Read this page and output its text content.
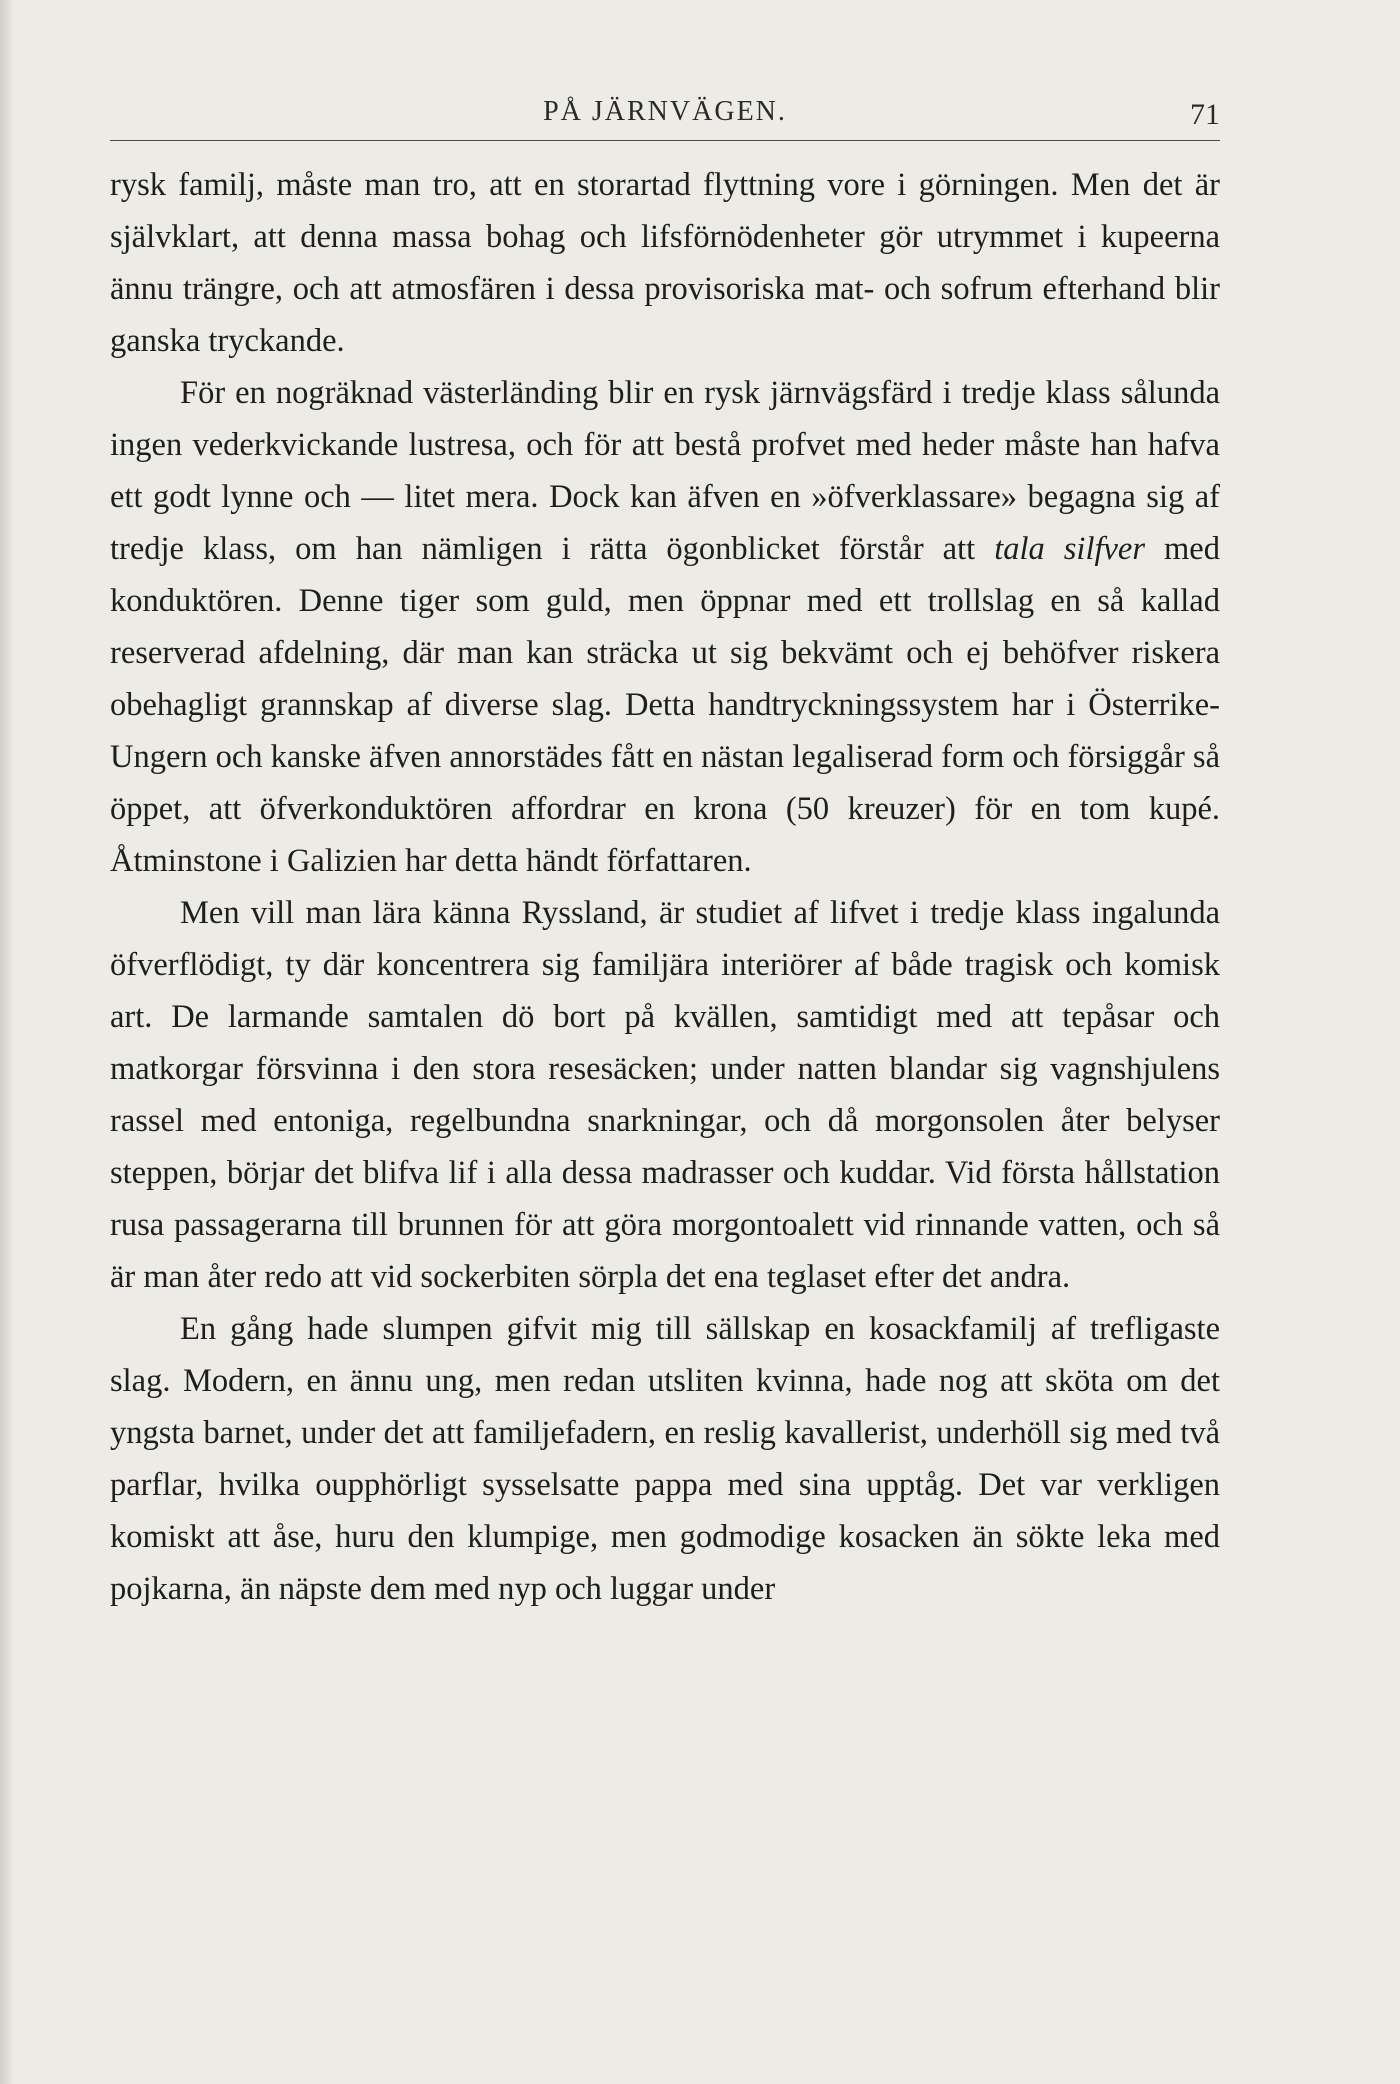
PÅ JÄRNVÄGEN.	71

rysk familj, måste man tro, att en storartad flyttning vore i görningen. Men det är självklart, att denna massa bohag och lifsförnödenheter gör utrymmet i kupeerna ännu trängre, och att atmosfären i dessa provisoriska mat- och sofrum efterhand blir ganska tryckande.

För en nogräknad västerländing blir en rysk järnvägsfärd i tredje klass sålunda ingen vederkvickande lustresa, och för att bestå profvet med heder måste han hafva ett godt lynne och — litet mera. Dock kan äfven en »öfverklassare» begagna sig af tredje klass, om han nämligen i rätta ögonblicket förstår att tala silfver med konduktören. Denne tiger som guld, men öppnar med ett trollslag en så kallad reserverad afdelning, där man kan sträcka ut sig bekvämt och ej behöfver riskera obehagligt grannskap af diverse slag. Detta handtryckningssystem har i Österrike-Ungern och kanske äfven annorstädes fått en nästan legaliserad form och försiggår så öppet, att öfverkonduktören affordrar en krona (50 kreuzer) för en tom kupé. Åtminstone i Galizien har detta händt författaren.

Men vill man lära känna Ryssland, är studiet af lifvet i tredje klass ingalunda öfverflödigt, ty där koncentrera sig familjära interiörer af både tragisk och komisk art. De larmande samtalen dö bort på kvällen, samtidigt med att tepåsar och matkorgar försvinna i den stora resesäcken; under natten blandar sig vagnshjulens rassel med entoniga, regelbundna snarkningar, och då morgonsolen åter belyser steppen, börjar det blifva lif i alla dessa madrasser och kuddar. Vid första hållstation rusa passagerarna till brunnen för att göra morgontoalett vid rinnande vatten, och så är man åter redo att vid sockerbiten sörpla det ena teglaset efter det andra.

En gång hade slumpen gifvit mig till sällskap en kosackfamilj af trefligaste slag. Modern, en ännu ung, men redan utsliten kvinna, hade nog att sköta om det yngsta barnet, under det att familjefadern, en reslig kavallerist, underhöll sig med två parflar, hvilka oupphörligt sysselsatte pappa med sina upptåg. Det var verkligen komiskt att åse, huru den klumpige, men godmodige kosacken än sökte leka med pojkarna, än näpste dem med nyp och luggar under
